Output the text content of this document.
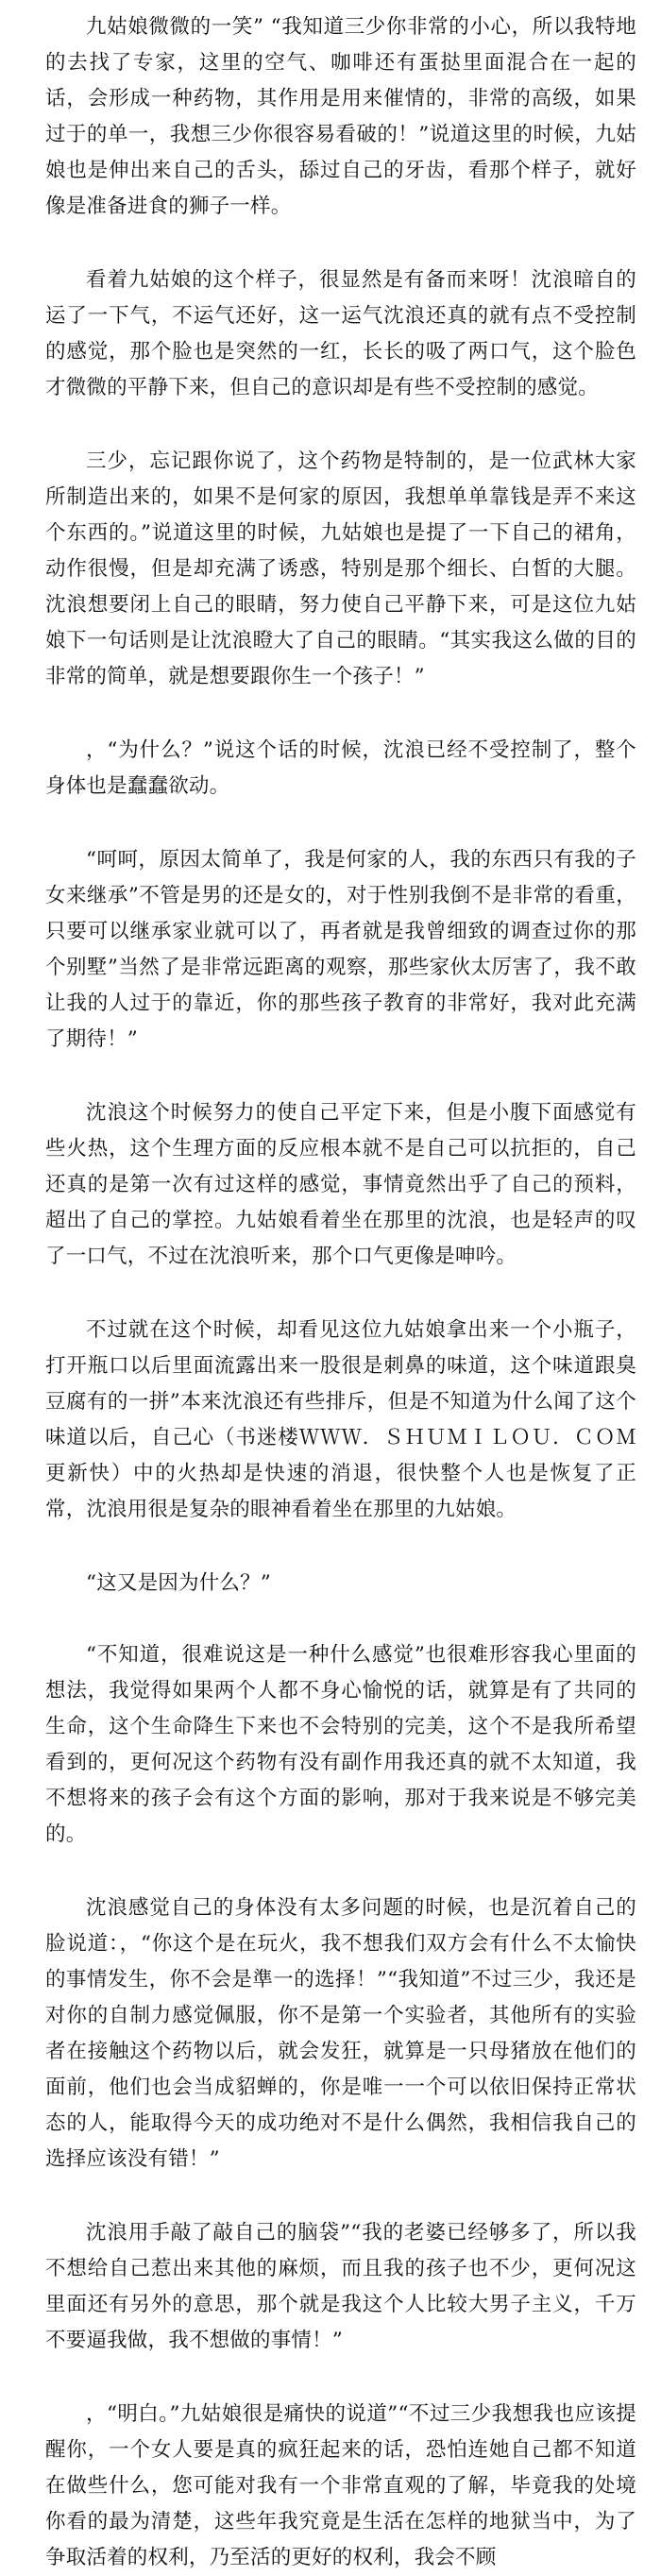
九姑娘微微的一笑” “我知道三少你非常的小心，所以我特地的去找了专家，这里的空气、咖啡还有蛋挞里面混合在一起的话，会形成一种药物，其作用是用来催情的，非常的高级，如果过于的单一，我想三少你很容易看破的！”说道这里的时候，九姑娘也是伸出来自己的舌头，舔过自己的牙齿，看那个样子，就好像是准备进食的狮子一样。

看着九姑娘的这个样子，很显然是有备而来呀！沈浪暗自的运了一下气，不运气还好，这一运气沈浪还真的就有点不受控制的感觉，那个脸也是突然的一红，长长的吸了两口气，这个脸色才微微的平静下来，但自己的意识却是有些不受控制的感觉。

三少，忘记跟你说了，这个药物是特制的，是一位武林大家所制造出来的，如果不是何家的原因，我想单单靠钱是弄不来这个东西的。”说道这里的时候，九姑娘也是提了一下自己的裙角，动作很慢，但是却充满了诱惑，特别是那个细长、白皙的大腿。沈浪想要闭上自己的眼睛，努力使自己平静下来，可是这位九姑娘下一句话则是让沈浪瞪大了自己的眼睛。“其实我这么做的目的非常的简单，就是想要跟你生一个孩子！”

，“为什么？”说这个话的时候，沈浪已经不受控制了，整个身体也是蠢蠢欲动。

“呵呵，原因太简单了，我是何家的人，我的东西只有我的子女来继承”不管是男的还是女的，对于性别我倒不是非常的看重，只要可以继承家业就可以了，再者就是我曾细致的调查过你的那个别墅”当然了是非常远距离的观察，那些家伙太厉害了，我不敢让我的人过于的靠近，你的那些孩子教育的非常好，我对此充满了期待！”

沈浪这个时候努力的使自己平定下来，但是小腹下面感觉有些火热，这个生理方面的反应根本就不是自己可以抗拒的，自己还真的是第一次有过这样的感觉，事情竟然出乎了自己的预料，超出了自己的掌控。九姑娘看着坐在那里的沈浪，也是轻声的叹了一口气，不过在沈浪听来，那个口气更像是呻吟。

不过就在这个时候，却看见这位九姑娘拿出来一个小瓶子，打开瓶口以后里面流露出来一股很是刺鼻的味道，这个味道跟臭豆腐有的一拼”本来沈浪还有些排斥，但是不知道为什么闻了这个味道以后，自己心（书迷楼ＷＷＷ．ＳＨＵＭＩＬＯＵ．ＣＯＭ更新快）中的火热却是快速的消退，很快整个人也是恢复了正常，沈浪用很是复杂的眼神看着坐在那里的九姑娘。

“这又是因为什么？”

“不知道，很难说这是一种什么感觉”也很难形容我心里面的想法，我觉得如果两个人都不身心愉悦的话，就算是有了共同的生命，这个生命降生下来也不会特别的完美，这个不是我所希望看到的，更何况这个药物有没有副作用我还真的就不太知道，我不想将来的孩子会有这个方面的影响，那对于我来说是不够完美的。

沈浪感觉自己的身体没有太多问题的时候，也是沉着自己的脸说道：，“你这个是在玩火，我不想我们双方会有什么不太愉快的事情发生，你不会是準一的选择！”“我知道”不过三少，我还是对你的自制力感觉佩服，你不是第一个实验者，其他所有的实验者在接触这个药物以后，就会发狂，就算是一只母猪放在他们的面前，他们也会当成貂蝉的，你是唯一一个可以依旧保持正常状态的人，能取得今天的成功绝对不是什么偶然，我相信我自己的选择应该没有错！”

沈浪用手敲了敲自己的脑袋”“我的老婆已经够多了，所以我不想给自己惹出来其他的麻烦，而且我的孩子也不少，更何况这里面还有另外的意思，那个就是我这个人比较大男子主义，千万不要逼我做，我不想做的事情！”

，“明白。”九姑娘很是痛快的说道”“不过三少我想我也应该提醒你，一个女人要是真的疯狂起来的话，恐怕连她自己都不知道在做些什么，您可能对我有一个非常直观的了解，毕竟我的处境你看的最为清楚，这些年我究竟是生活在怎样的地狱当中，为了争取活着的权利，乃至活的更好的权利，我会不顾
